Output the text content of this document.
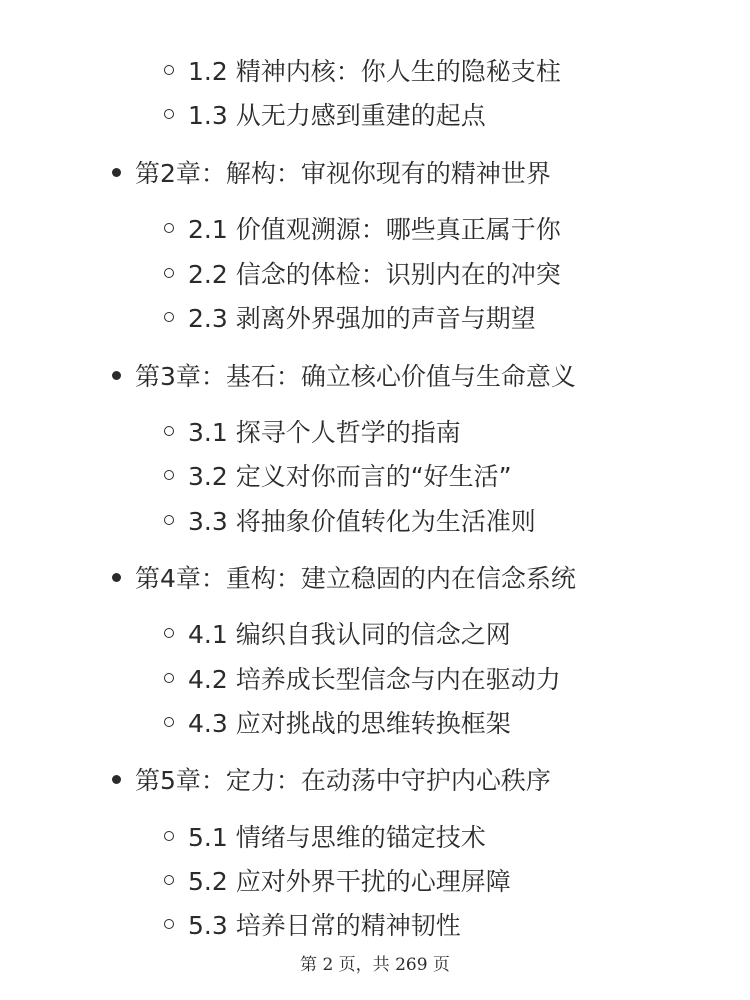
1.2 精神内核：你人生的隐秘支柱
1.3 从无力感到重建的起点
第2章：解构：审视你现有的精神世界
2.1 价值观溯源：哪些真正属于你
2.2 信念的体检：识别内在的冲突
2.3 剥离外界强加的声音与期望
第3章：基石：确立核心价值与生命意义
3.1 探寻个人哲学的指南
3.2 定义对你而言的“好生活”
3.3 将抽象价值转化为生活准则
第4章：重构：建立稳固的内在信念系统
4.1 编织自我认同的信念之网
4.2 培养成长型信念与内在驱动力
4.3 应对挑战的思维转换框架
第5章：定力：在动荡中守护内心秩序
5.1 情绪与思维的锚定技术
5.2 应对外界干扰的心理屏障
5.3 培养日常的精神韧性
第 2 页，共 269 页
